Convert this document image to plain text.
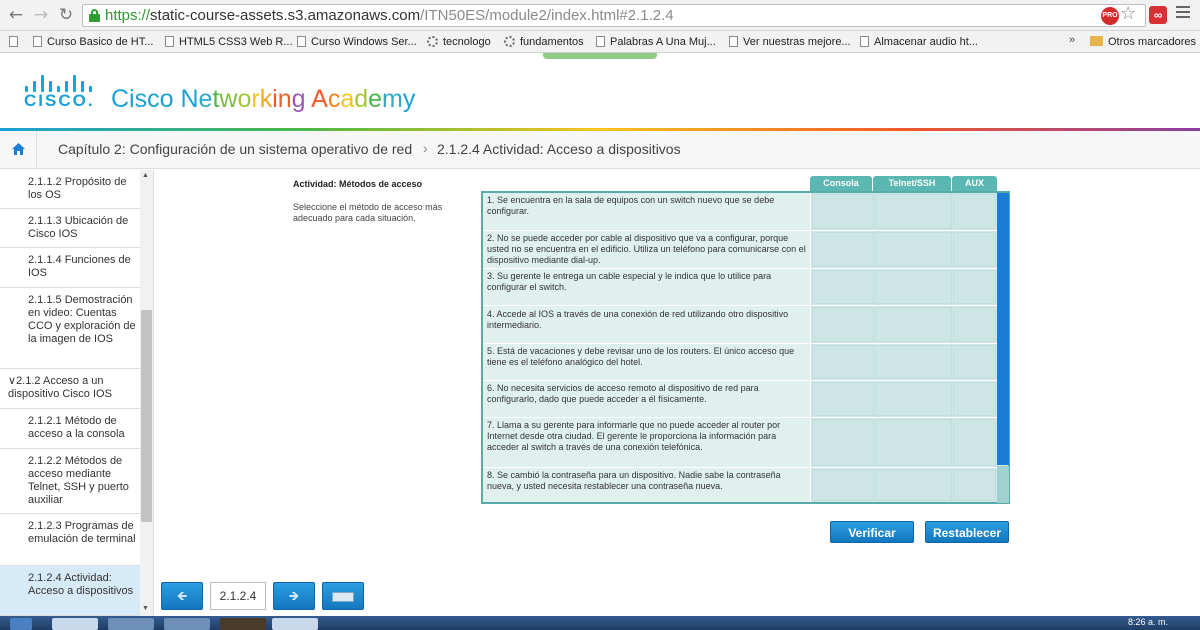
← → ↻ https://static-course-assets.s3.amazonaws.com/ITN50ES/module2/index.html#2.1.2.4	PRO ☆	∞
Curso Basico de HT...	HTML5 CSS3 Web R...	Curso Windows Ser...	tecnologo	fundamentos	Palabras A Una Muj...	Ver nuestras mejore...	Almacenar audio ht...	»	Otros marcadores
CISCO. Cisco Networking Academy
Capítulo 2: Configuración de un sistema operativo de red › 2.1.2.4 Actividad: Acceso a dispositivos
2.1.1.2 Propósito de los OS
2.1.1.3 Ubicación de Cisco IOS
2.1.1.4 Funciones de IOS
2.1.1.5 Demostración en video: Cuentas CCO y exploración de la imagen de IOS
∨2.1.2 Acceso a un dispositivo Cisco IOS
2.1.2.1 Método de acceso a la consola
2.1.2.2 Métodos de acceso mediante Telnet, SSH y puerto auxiliar
2.1.2.3 Programas de emulación de terminal
2.1.2.4 Actividad: Acceso a dispositivos
▲
▼
Actividad: Métodos de acceso
Seleccione el método de acceso más adecuado para cada situación.
Consola	Telnet/SSH	AUX
1. Se encuentra en la sala de equipos con un switch nuevo que se debe configurar.
2. No se puede acceder por cable al dispositivo que va a configurar, porque usted no se encuentra en el edificio. Utiliza un teléfono para comunicarse con el dispositivo mediante dial-up.
3. Su gerente le entrega un cable especial y le indica que lo utilice para configurar el switch.
4. Accede al IOS a través de una conexión de red utilizando otro dispositivo intermediario.
5. Está de vacaciones y debe revisar uno de los routers. El único acceso que tiene es el teléfono analógico del hotel.
6. No necesita servicios de acceso remoto al dispositivo de red para configurarlo, dado que puede acceder a él físicamente.
7. Llama a su gerente para informarle que no puede acceder al router por Internet desde otra ciudad. El gerente le proporciona la información para acceder al switch a través de una conexión telefónica.
8. Se cambió la contraseña para un dispositivo. Nadie sabe la contraseña nueva, y usted necesita restablecer una contraseña nueva.
Verificar	Restablecer
🡸	2.1.2.4	🡺
8:26 a. m.
